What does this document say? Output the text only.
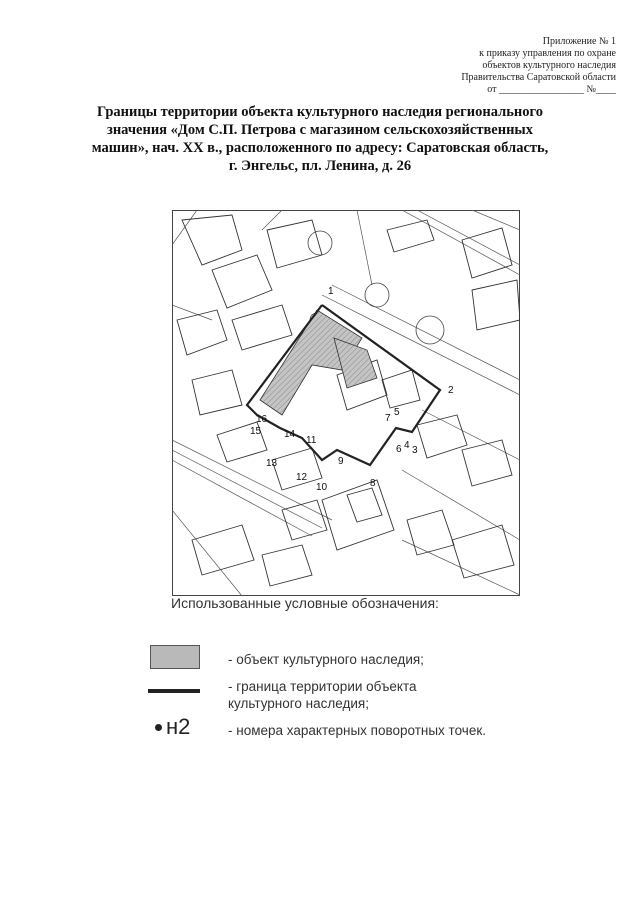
Приложение № 1
к приказу управления по охране
объектов культурного наследия
Правительства Саратовской области
от _________________ №____
Границы территории объекта культурного наследия регионального
значения «Дом С.П. Петрова с магазином сельскохозяйственных
машин», нач. XX в., расположенного по адресу: Саратовская область,
г. Энгельс, пл. Ленина, д. 26
1
2
3
4
5
6
7
8
9
10
11
12
13
14
15
16
Использованные условные обозначения:
- объект культурного наследия;
- граница территории объекта культурного наследия;
н2	- номера характерных поворотных точек.
